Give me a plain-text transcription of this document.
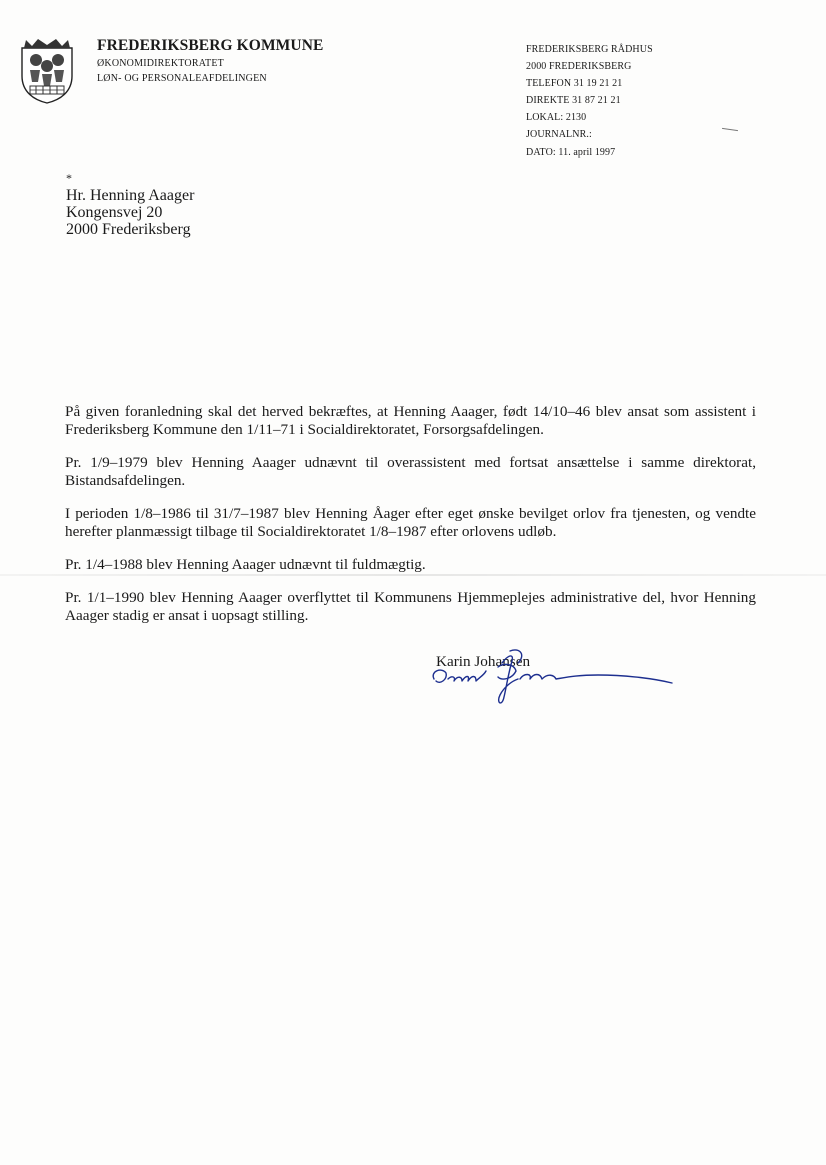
FREDERIKSBERG KOMMUNE
ØKONOMIDIREKTORATET
LØN- OG PERSONALEAFDELINGEN
FREDERIKSBERG RÅDHUS
2000 FREDERIKSBERG
TELEFON 31 19 21 21
DIREKTE 31 87 21 21
LOKAL: 2130
JOURNALNR.:
DATO: 11. april 1997
*
Hr. Henning Aaager
Kongensvej 20
2000 Frederiksberg

På given foranledning skal det herved bekræftes, at Henning Aaager, født 14/10–46 blev ansat som assistent i Frederiksberg Kommune den 1/11–71 i Socialdirektoratet, Forsorgsafdelingen.

Pr. 1/9–1979 blev Henning Aaager udnævnt til overassistent med fortsat ansættelse i samme direktorat, Bistandsafdelingen.

I perioden 1/8–1986 til 31/7–1987 blev Henning Åager efter eget ønske bevilget orlov fra tjenesten, og vendte herefter planmæssigt tilbage til Socialdirektoratet 1/8–1987 efter orlovens udløb.

Pr. 1/4–1988 blev Henning Aaager udnævnt til fuldmægtig.

Pr. 1/1–1990 blev Henning Aaager overflyttet til Kommunens Hjemmeplejes administrative del, hvor Henning Aaager stadig er ansat i uopsagt stilling.

Karin Johansen
